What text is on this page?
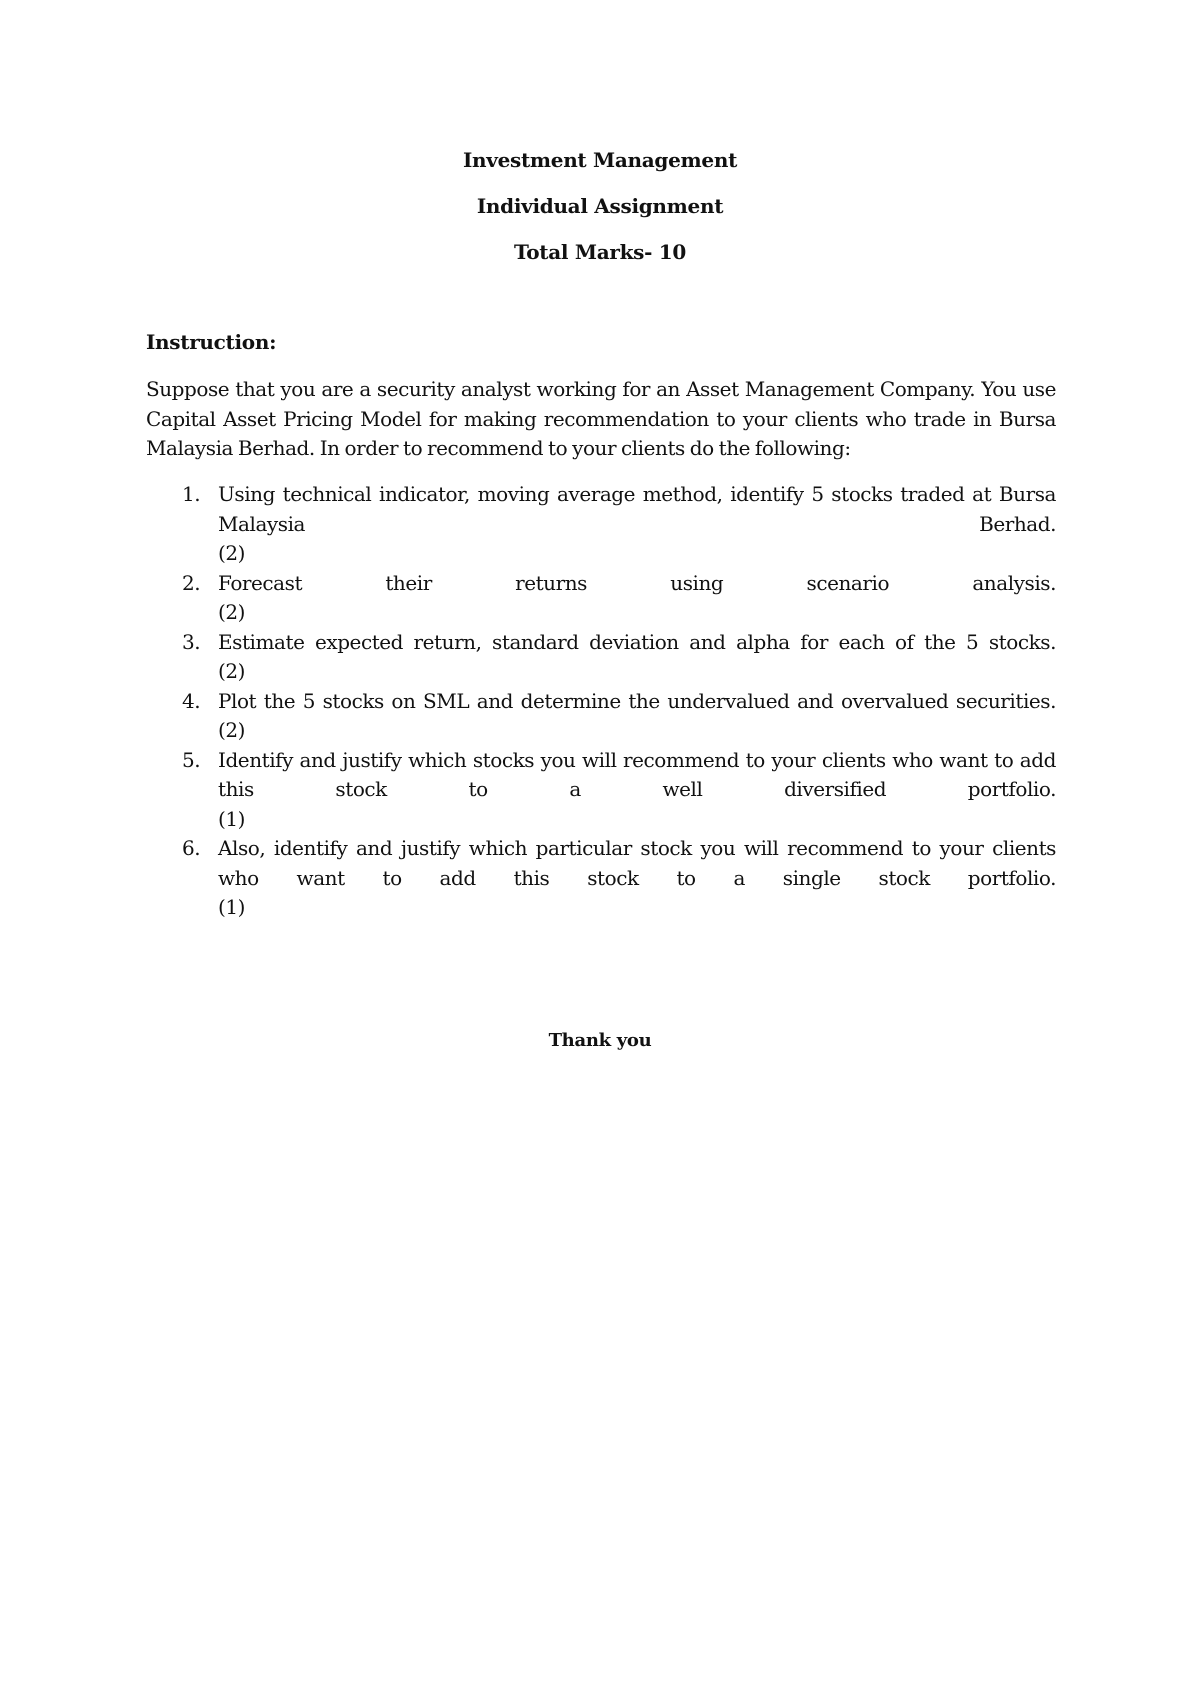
Investment Management
Individual Assignment
Total Marks- 10
Instruction:
Suppose that you are a security analyst working for an Asset Management Company. You use Capital Asset Pricing Model for making recommendation to your clients who trade in Bursa Malaysia Berhad. In order to recommend to your clients do the following:
1. Using technical indicator, moving average method, identify 5 stocks traded at Bursa Malaysia Berhad.
(2)
2. Forecast their returns using scenario analysis.
(2)
3. Estimate expected return, standard deviation and alpha for each of the 5 stocks.
(2)
4. Plot the 5 stocks on SML and determine the undervalued and overvalued securities.
(2)
5. Identify and justify which stocks you will recommend to your clients who want to add this stock to a well diversified portfolio.
(1)
6. Also, identify and justify which particular stock you will recommend to your clients who want to add this stock to a single stock portfolio.
(1)
Thank you
